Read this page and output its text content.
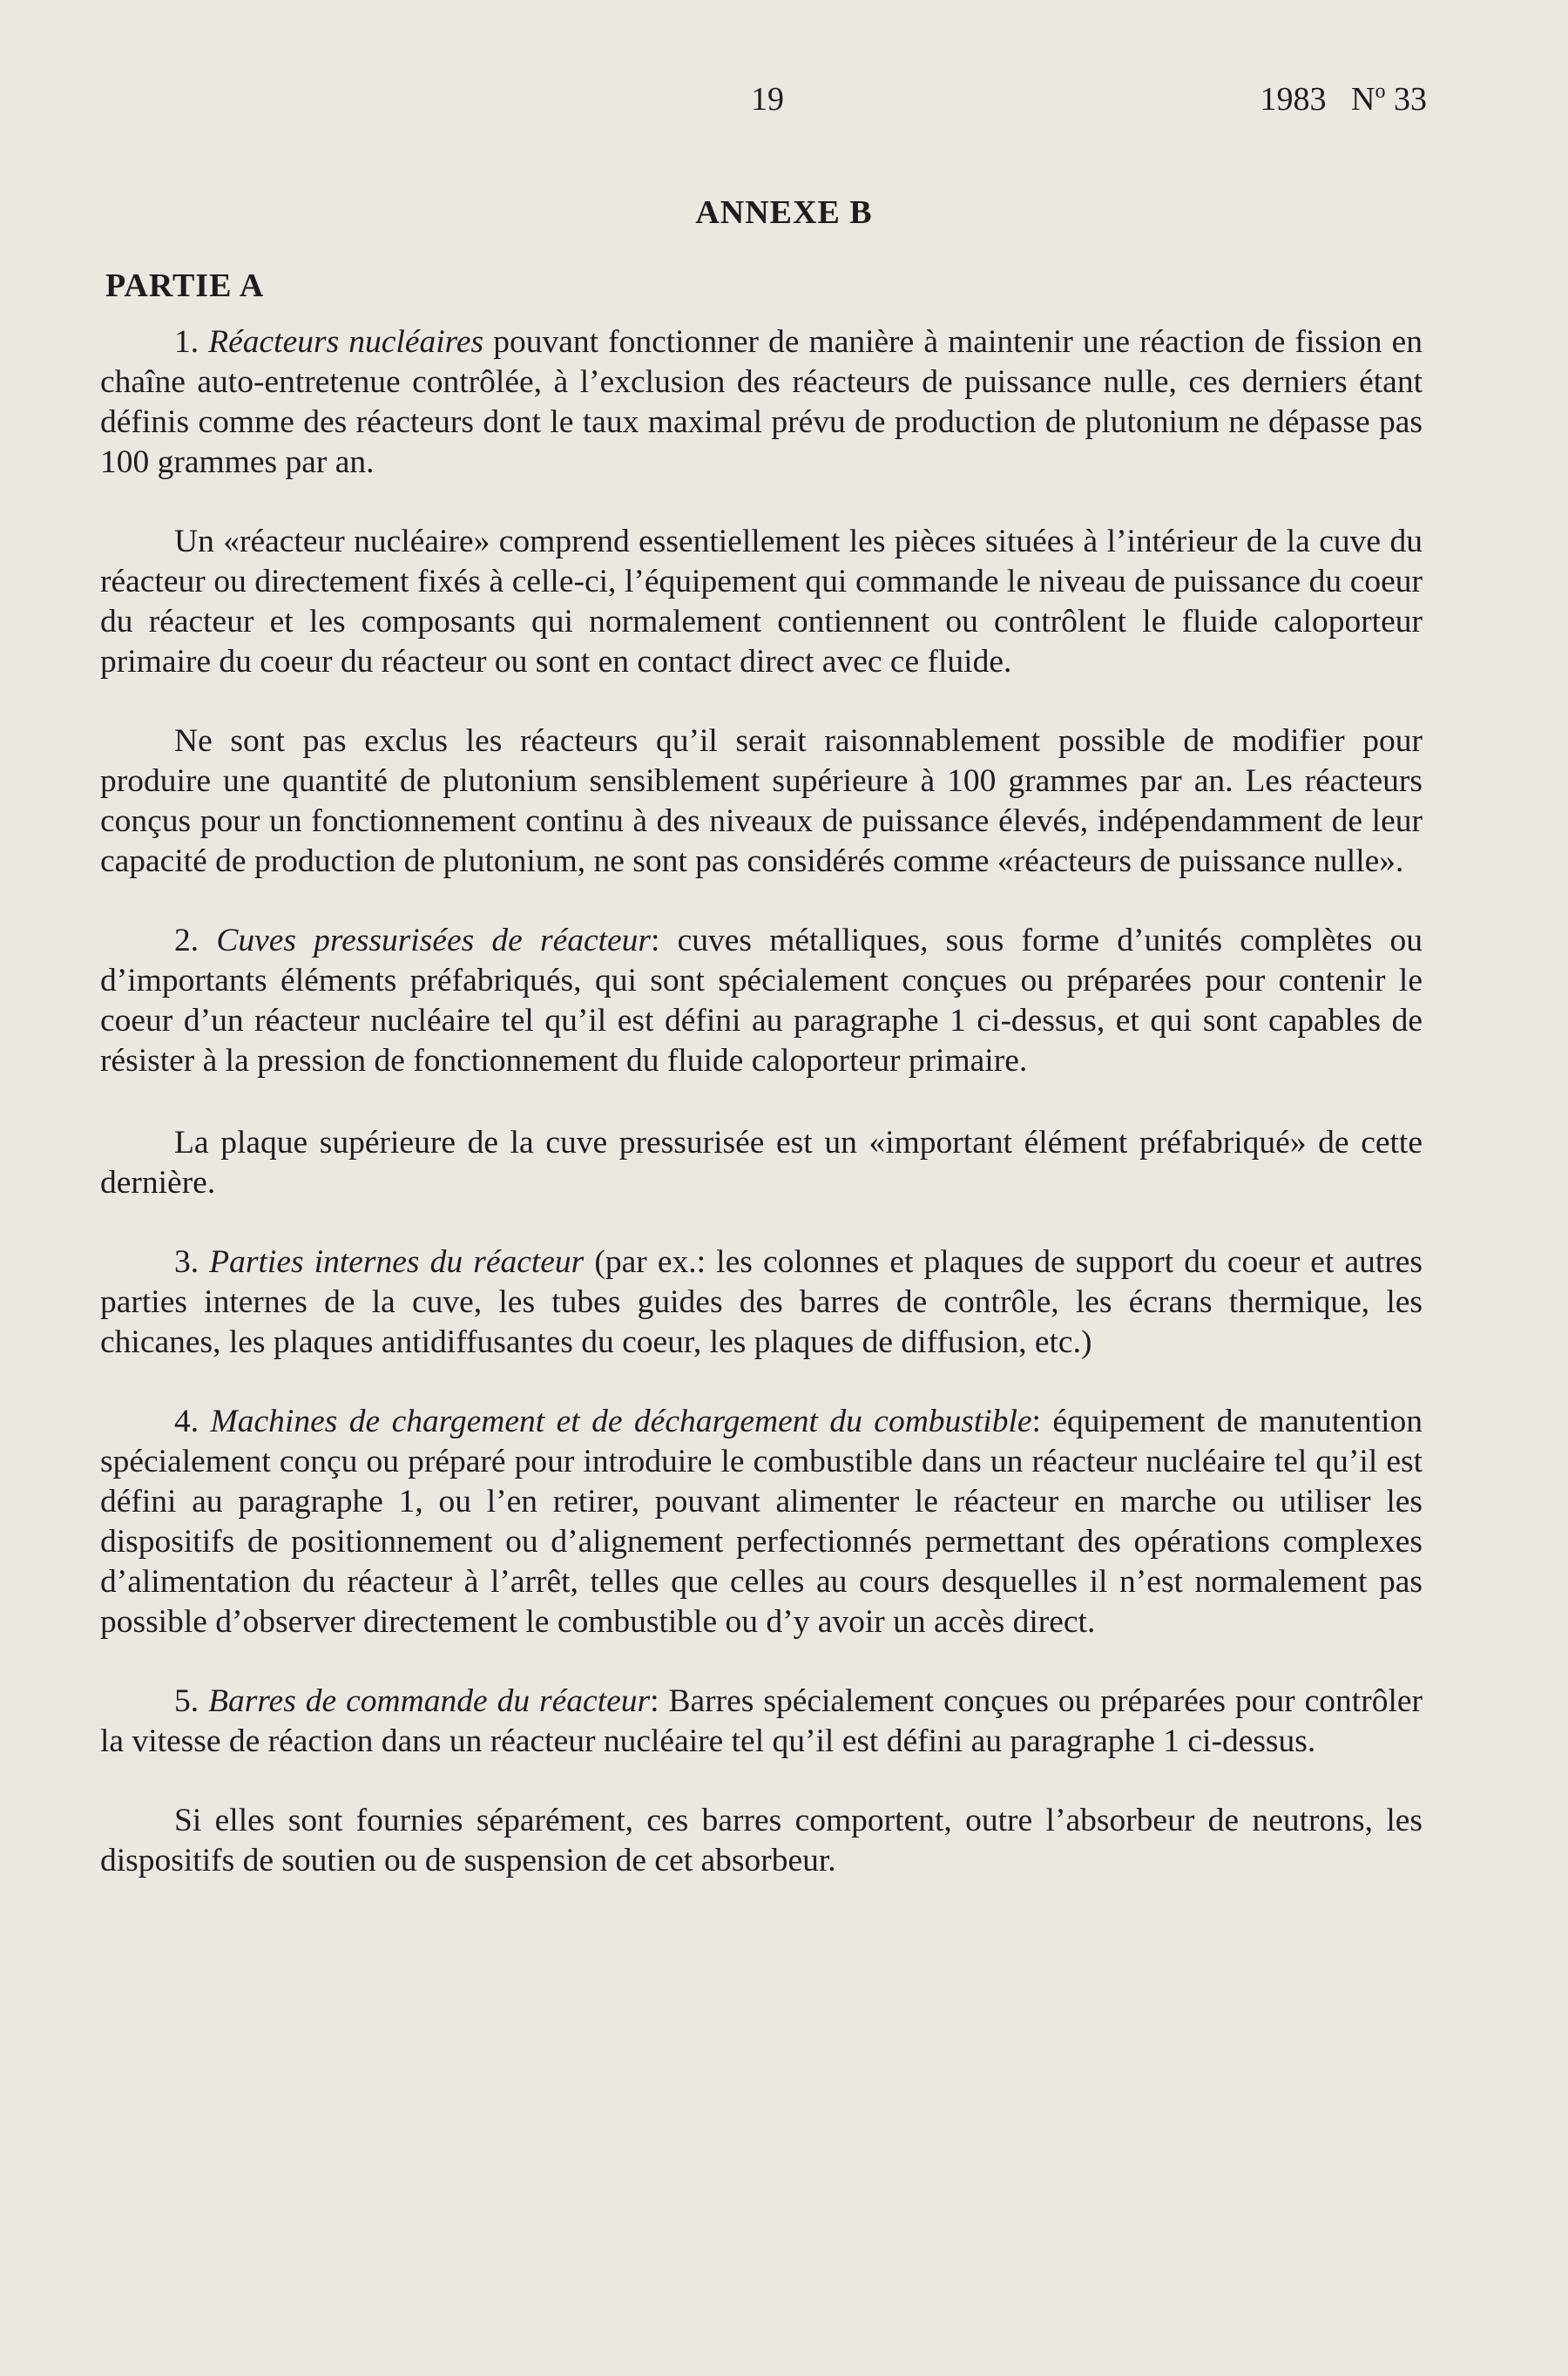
19	1983 $N^o$ 33
ANNEXE B
PARTIE A

1. Réacteurs nucléaires pouvant fonctionner de manière à maintenir une réaction de fission en chaîne auto-entretenue contrôlée, à l’exclusion des réacteurs de puissance nulle, ces derniers étant définis comme des réacteurs dont le taux maximal prévu de production de plutonium ne dépasse pas 100 grammes par an.

Un «réacteur nucléaire» comprend essentiellement les pièces situées à l’intérieur de la cuve du réacteur ou directement fixés à celle-ci, l’équipement qui commande le niveau de puissance du coeur du réacteur et les composants qui normalement contiennent ou contrôlent le fluide caloporteur primaire du coeur du réacteur ou sont en contact direct avec ce fluide.

Ne sont pas exclus les réacteurs qu’il serait raisonnablement possible de modifier pour produire une quantité de plutonium sensiblement supérieure à 100 grammes par an. Les réacteurs conçus pour un fonctionnement continu à des niveaux de puissance élevés, indépendamment de leur capacité de production de plutonium, ne sont pas considérés comme «réacteurs de puissance nulle».

2. Cuves pressurisées de réacteur: cuves métalliques, sous forme d’unités complètes ou d’importants éléments préfabriqués, qui sont spécialement conçues ou préparées pour contenir le coeur d’un réacteur nucléaire tel qu’il est défini au paragraphe 1 ci-dessus, et qui sont capables de résister à la pression de fonctionnement du fluide caloporteur primaire.

La plaque supérieure de la cuve pressurisée est un «important élément préfabriqué» de cette dernière.

3. Parties internes du réacteur (par ex.: les colonnes et plaques de support du coeur et autres parties internes de la cuve, les tubes guides des barres de contrôle, les écrans thermique, les chicanes, les plaques antidiffusantes du coeur, les plaques de diffusion, etc.)

4. Machines de chargement et de déchargement du combustible: équipement de manutention spécialement conçu ou préparé pour introduire le combustible dans un réacteur nucléaire tel qu’il est défini au paragraphe 1, ou l’en retirer, pouvant alimenter le réacteur en marche ou utiliser les dispositifs de positionnement ou d’alignement perfectionnés permettant des opérations complexes d’alimentation du réacteur à l’arrêt, telles que celles au cours desquelles il n’est normalement pas possible d’observer directement le combustible ou d’y avoir un accès direct.

5. Barres de commande du réacteur: Barres spécialement conçues ou préparées pour contrôler la vitesse de réaction dans un réacteur nucléaire tel qu’il est défini au paragraphe 1 ci-dessus.

Si elles sont fournies séparément, ces barres comportent, outre l’absorbeur de neutrons, les dispositifs de soutien ou de suspension de cet absorbeur.
